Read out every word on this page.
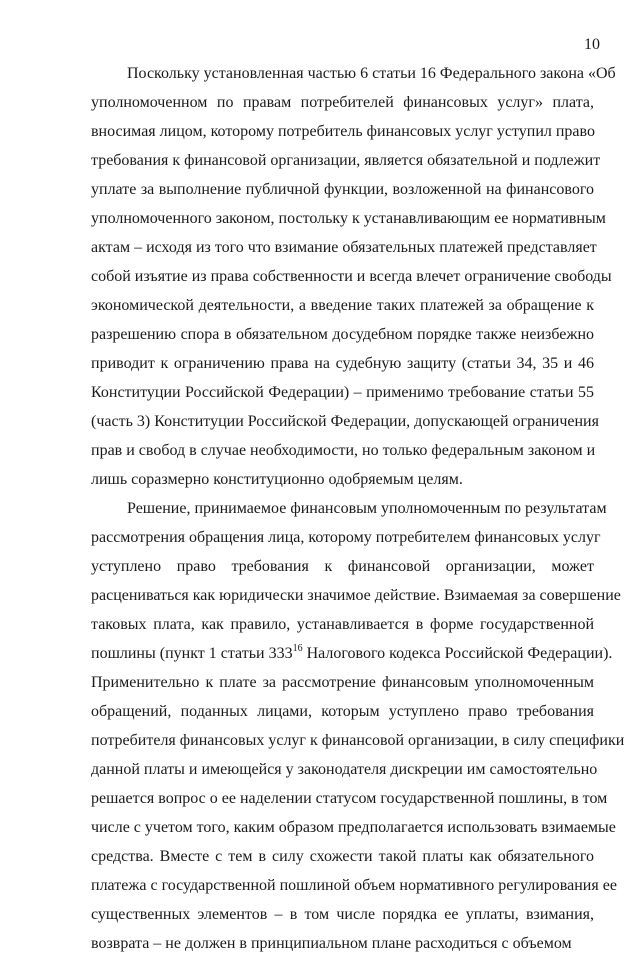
10

Поскольку установленная частью 6 статьи 16 Федерального закона «Об
уполномоченном по правам потребителей финансовых услуг» плата,
вносимая лицом, которому потребитель финансовых услуг уступил право
требования к финансовой организации, является обязательной и подлежит
уплате за выполнение публичной функции, возложенной на финансового
уполномоченного законом, постольку к устанавливающим ее нормативным
актам – исходя из того что взимание обязательных платежей представляет
собой изъятие из права собственности и всегда влечет ограничение свободы
экономической деятельности, а введение таких платежей за обращение к
разрешению спора в обязательном досудебном порядке также неизбежно
приводит к ограничению права на судебную защиту (статьи 34, 35 и 46
Конституции Российской Федерации) – применимо требование статьи 55
(часть 3) Конституции Российской Федерации, допускающей ограничения
прав и свобод в случае необходимости, но только федеральным законом и
лишь соразмерно конституционно одобряемым целям.

Решение, принимаемое финансовым уполномоченным по результатам
рассмотрения обращения лица, которому потребителем финансовых услуг
уступлено право требования к финансовой организации, может
расцениваться как юридически значимое действие. Взимаемая за совершение
таковых плата, как правило, устанавливается в форме государственной
пошлины (пункт 1 статьи $333^{16}$ Налогового кодекса Российской Федерации).
Применительно к плате за рассмотрение финансовым уполномоченным
обращений, поданных лицами, которым уступлено право требования
потребителя финансовых услуг к финансовой организации, в силу специфики
данной платы и имеющейся у законодателя дискреции им самостоятельно
решается вопрос о ее наделении статусом государственной пошлины, в том
числе с учетом того, каким образом предполагается использовать взимаемые
средства. Вместе с тем в силу схожести такой платы как обязательного
платежа с государственной пошлиной объем нормативного регулирования ее
существенных элементов – в том числе порядка ее уплаты, взимания,
возврата – не должен в принципиальном плане расходиться с объемом
